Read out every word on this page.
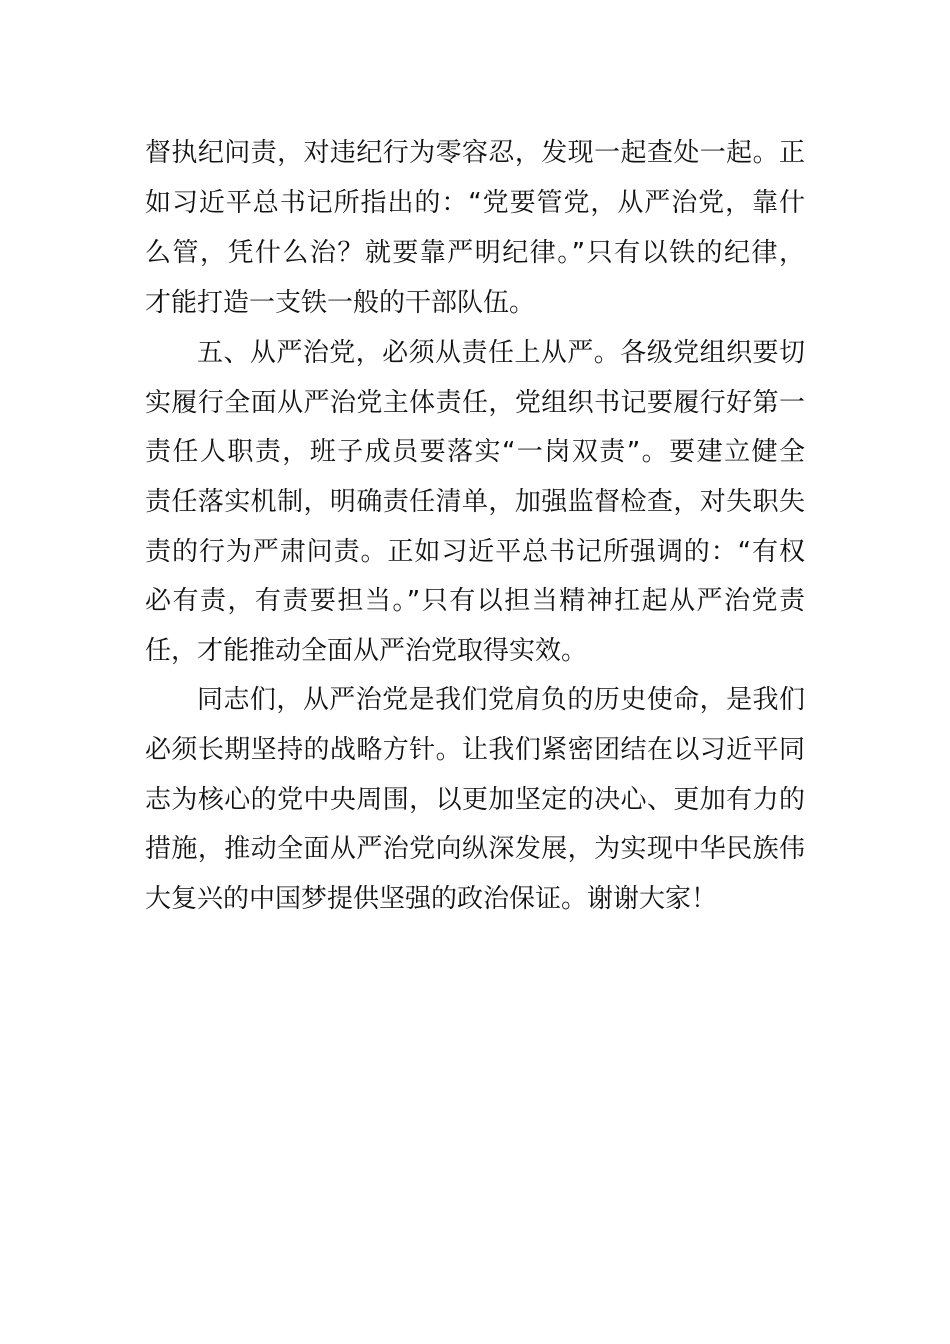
督执纪问责，对违纪行为零容忍，发现一起查处一起。正
如习近平总书记所指出的：“党要管党，从严治党，靠什
么管，凭什么治？就要靠严明纪律。”只有以铁的纪律，
才能打造一支铁一般的干部队伍。
五、从严治党，必须从责任上从严。各级党组织要切
实履行全面从严治党主体责任，党组织书记要履行好第一
责任人职责，班子成员要落实“一岗双责”。要建立健全
责任落实机制，明确责任清单，加强监督检查，对失职失
责的行为严肃问责。正如习近平总书记所强调的：“有权
必有责，有责要担当。”只有以担当精神扛起从严治党责
任，才能推动全面从严治党取得实效。
同志们，从严治党是我们党肩负的历史使命，是我们
必须长期坚持的战略方针。让我们紧密团结在以习近平同
志为核心的党中央周围，以更加坚定的决心、更加有力的
措施，推动全面从严治党向纵深发展，为实现中华民族伟
大复兴的中国梦提供坚强的政治保证。谢谢大家！
